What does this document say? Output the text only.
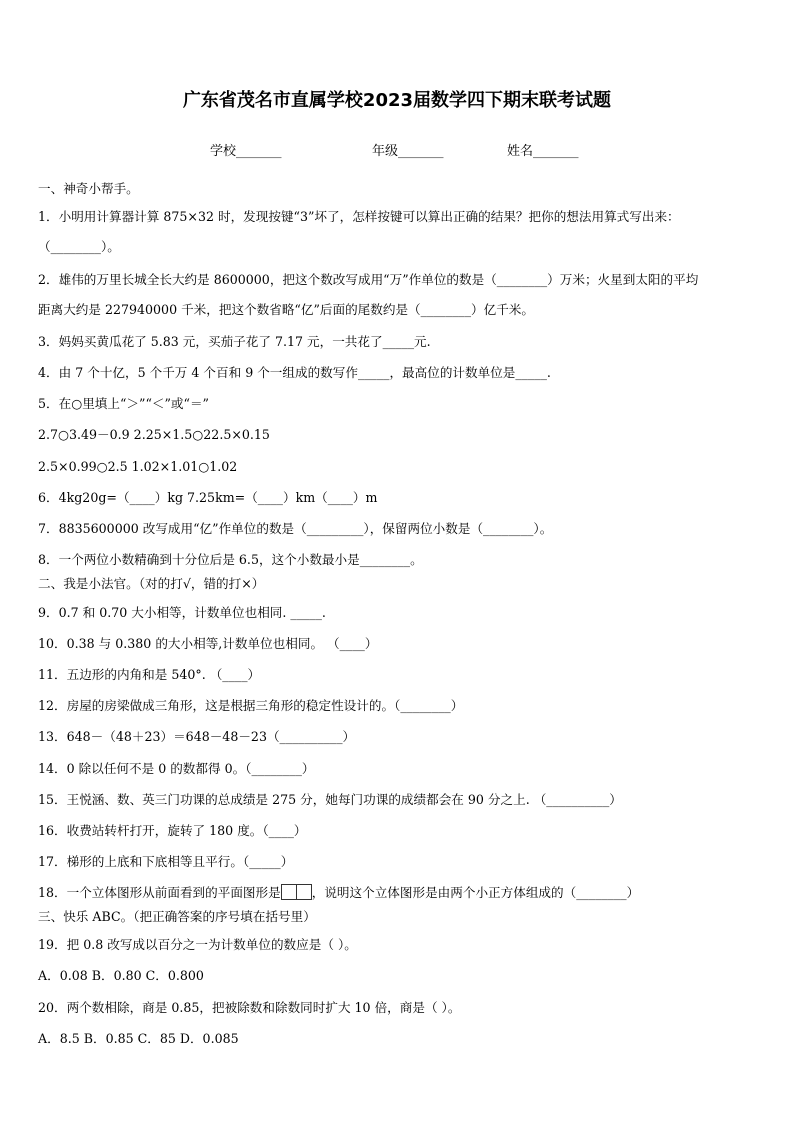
广东省茂名市直属学校2023届数学四下期末联考试题
学校_______	年级_______	姓名_______
一、神奇小帮手。
1．小明用计算器计算 875×32 时，发现按键“3”坏了，怎样按键可以算出正确的结果？把你的想法用算式写出来：
（________）。
2．雄伟的万里长城全长大约是 8600000，把这个数改写成用“万”作单位的数是（________）万米；火星到太阳的平均
距离大约是 227940000 千米，把这个数省略“亿”后面的尾数约是（________）亿千米。
3．妈妈买黄瓜花了 5.83 元，买茄子花了 7.17 元，一共花了_____元.
4．由 7 个十亿，5 个千万 4 个百和 9 个一组成的数写作_____，最高位的计数单位是_____.
5．在○里填上“＞”“＜”或“＝”
2.7○3.49－0.9 2.25×1.5○22.5×0.15
2.5×0.99○2.5 1.02×1.01○1.02
6．4kg20g=（____）kg 7.25km=（____）km（____）m
7．8835600000 改写成用“亿”作单位的数是（_________），保留两位小数是（________）。
8．一个两位小数精确到十分位后是 6.5，这个小数最小是________。
二、我是小法官。（对的打√，错的打×）
9．0.7 和 0.70 大小相等，计数单位也相同. _____.
10．0.38 与 0.380 的大小相等,计数单位也相同。 （____）
11．五边形的内角和是 540°. （____）
12．房屋的房梁做成三角形，这是根据三角形的稳定性设计的。（________）
13．648－（48＋23）＝648－48－23（__________）
14．0 除以任何不是 0 的数都得 0。（________）
15．王悦涵、数、英三门功课的总成绩是 275 分，她每门功课的成绩都会在 90 分之上. （__________）
16．收费站转杆打开，旋转了 180 度。（____）
17．梯形的上底和下底相等且平行。（_____）
18．一个立体图形从前面看到的平面图形是 ，说明这个立体图形是由两个小正方体组成的（________）
三、快乐 ABC。（把正确答案的序号填在括号里）
19．把 0.8 改写成以百分之一为计数单位的数应是（ ）。
A．0.08 B．0.80 C．0.800
20．两个数相除，商是 0.85，把被除数和除数同时扩大 10 倍，商是（ ）。
A．8.5 B．0.85 C．85 D．0.085
